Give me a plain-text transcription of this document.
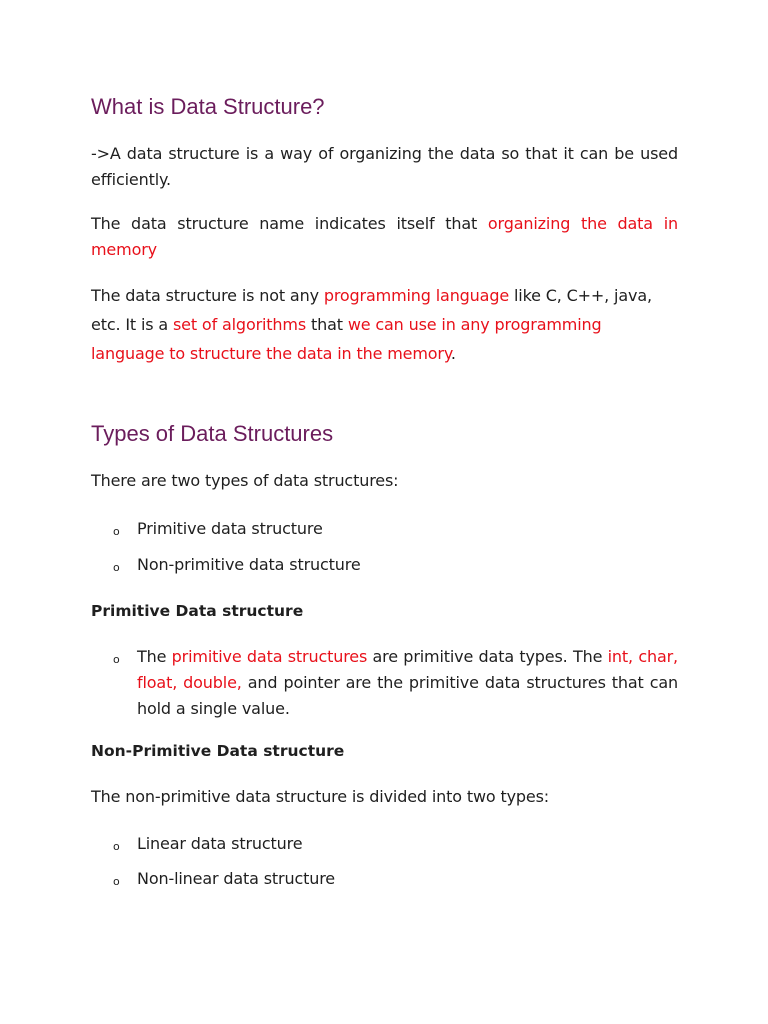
What is Data Structure?

->A data structure is a way of organizing the data so that it can be used efficiently.

The data structure name indicates itself that organizing the data in memory

The data structure is not any programming language like C, C++, java, etc. It is a set of algorithms that we can use in any programming language to structure the data in the memory.

Types of Data Structures

There are two types of data structures:

o Primitive data structure
o Non-primitive data structure
Primitive Data structure
o The primitive data structures are primitive data types. The int, char, float, double, and pointer are the primitive data structures that can hold a single value.
Non-Primitive Data structure

The non-primitive data structure is divided into two types:

o Linear data structure
o Non-linear data structure
